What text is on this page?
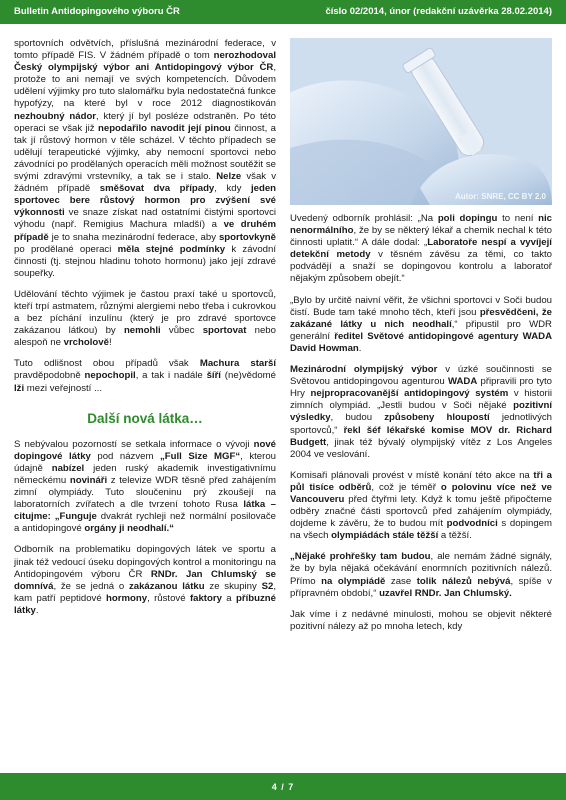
Bulletin Antidopingového výboru ČR	číslo 02/2014, únor (redakční uzávěrka 28.02.2014)

sportovních odvětvích, příslušná mezinárodní federace, v tomto případě FIS. V žádném případě o tom nerozhodoval Český olympijský výbor ani Antidopingový výbor ČR, protože to ani nemají ve svých kompetencích. Důvodem udělení výjimky pro tuto slalomářku byla nedostatečná funkce hypofýzy, na které byl v roce 2012 diagnostikován nezhoubný nádor, který jí byl posléze odstraněn. Po této operaci se však již nepodařilo navodit její pinou činnost, a tak jí růstový hormon v těle scházel. V těchto případech se udělují terapeutické výjimky, aby nemocní sportovci nebo závodníci po prodělaných operacích měli možnost soutěžit se svými zdravými vrstevníky, a tak se i stalo. Nelze však v žádném případě směšovat dva případy, kdy jeden sportovec bere růstový hormon pro zvýšení své výkonnosti ve snaze získat nad ostatními čistými sportovci výhodu (např. Remigius Machura mladší) a ve druhém případě je to snaha mezinárodní federace, aby sportovkyně po prodělané operaci měla stejné podmínky k závodní činnosti (tj. stejnou hladinu tohoto hormonu) jako její zdravé soupeřky.

Udělování těchto výjimek je častou praxí také u sportovců, kteří trpí astmatem, různými alergiemi nebo třeba i cukrovkou a bez píchání inzulínu (který je pro zdravé sportovce zakázanou látkou) by nemohli vůbec sportovat nebo alespoň ne vrcholově!

Tuto odlišnost obou případů však Machura starší pravděpodobně nepochopil, a tak i nadále šíří (ne)vědomé lži mezi veřejností ...

Další nová látka…

S nebývalou pozorností se setkala informace o vývoji nové dopingové látky pod názvem „Full Size MGF“, kterou údajně nabízel jeden ruský akademik investigativnímu německému novináři z televize WDR těsně před zahájením zimní olympiády. Tuto sloučeninu prý zkoušejí na laboratorních zvířatech a dle tvrzení tohoto Rusa látka – citujme: „Funguje dvakrát rychleji než normální posilovače a antidopingové orgány ji neodhalí.“

Odborník na problematiku dopingových látek ve sportu a jinak též vedoucí úseku dopingových kontrol a monitoringu na Antidopingovém výboru ČR RNDr. Jan Chlumský se domnívá, že se jedná o zakázanou látku ze skupiny S2, kam patří peptidové hormony, růstové faktory a příbuzné látky.

Autor: SNRE, CC BY 2.0

Uvedený odborník prohlásil: „Na poli dopingu to není nic nenormálního, že by se některý lékař a chemik nechal k této činnosti uplatit.“ A dále dodal: „Laboratoře nespí a vyvíjejí detekční metody v těsném závěsu za těmi, co takto podvádějí a snaží se dopingovou kontrolu a laboratoř nějakým způsobem obejít.“

„Bylo by určitě naivní věřit, že všichni sportovci v Soči budou čistí. Bude tam také mnoho těch, kteří jsou přesvědčeni, že zakázané látky u nich neodhalí,“ připustil pro WDR generální ředitel Světové antidopingové agentury WADA David Howman.

Mezinárodní olympijský výbor v úzké součinnosti se Světovou antidopingovou agenturou WADA připravili pro tyto Hry nejpropracovanější antidopingový systém v historii zimních olympiád. „Jestli budou v Soči nějaké pozitivní výsledky, budou způsobeny hloupostí jednotlivých sportovců,“ řekl šéf lékařské komise MOV dr. Richard Budgett, jinak též bývalý olympijský vítěz z Los Angeles 2004 ve veslování.

Komisaři plánovali provést v místě konání této akce na tři a půl tisíce odběrů, což je téměř o polovinu více než ve Vancouveru před čtyřmi lety. Když k tomu ještě připočteme odběry značné části sportovců před zahájením olympiády, dojdeme k závěru, že to budou mít podvodníci s dopingem na všech olympiádách stále těžší a těžší.

„Nějaké prohřešky tam budou, ale nemám žádné signály, že by byla nějaká očekávání enormních pozitivních nálezů. Přímo na olympiádě zase tolik nálezů nebývá, spíše v přípravném období,“ uzavřel RNDr. Jan Chlumský.

Jak víme i z nedávné minulosti, mohou se objevit některé pozitivní nálezy až po mnoha letech, kdy

4 / 7
